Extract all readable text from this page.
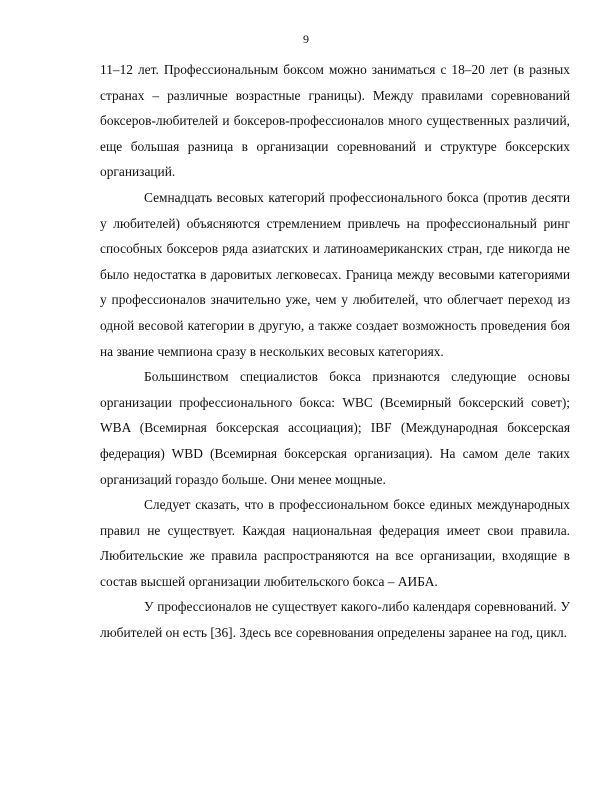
9

11–12 лет. Профессиональным боксом можно заниматься с 18–20 лет (в разных странах – различные возрастные границы). Между правилами соревнований боксеров-любителей и боксеров-профессионалов много существенных различий, еще большая разница в организации соревнований и структуре боксерских организаций.

Семнадцать весовых категорий профессионального бокса (против десяти у любителей) объясняются стремлением привлечь на профессиональный ринг способных боксеров ряда азиатских и латиноамериканских стран, где никогда не было недостатка в даровитых легковесах. Граница между весовыми категориями у профессионалов значительно уже, чем у любителей, что облегчает переход из одной весовой категории в другую, а также создает возможность проведения боя на звание чемпиона сразу в нескольких весовых категориях.

Большинством специалистов бокса признаются следующие основы организации профессионального бокса: WBC (Всемирный боксерский совет); WBA (Всемирная боксерская ассоциация); IBF (Международная боксерская федерация) WBD (Всемирная боксерская организация). На самом деле таких организаций гораздо больше. Они менее мощные.

Следует сказать, что в профессиональном боксе единых международных правил не существует. Каждая национальная федерация имеет свои правила. Любительские же правила распространяются на все организации, входящие в состав высшей организации любительского бокса – АИБА.

У профессионалов не существует какого-либо календаря соревнований. У любителей он есть [36]. Здесь все соревнования определены заранее на год, цикл.
